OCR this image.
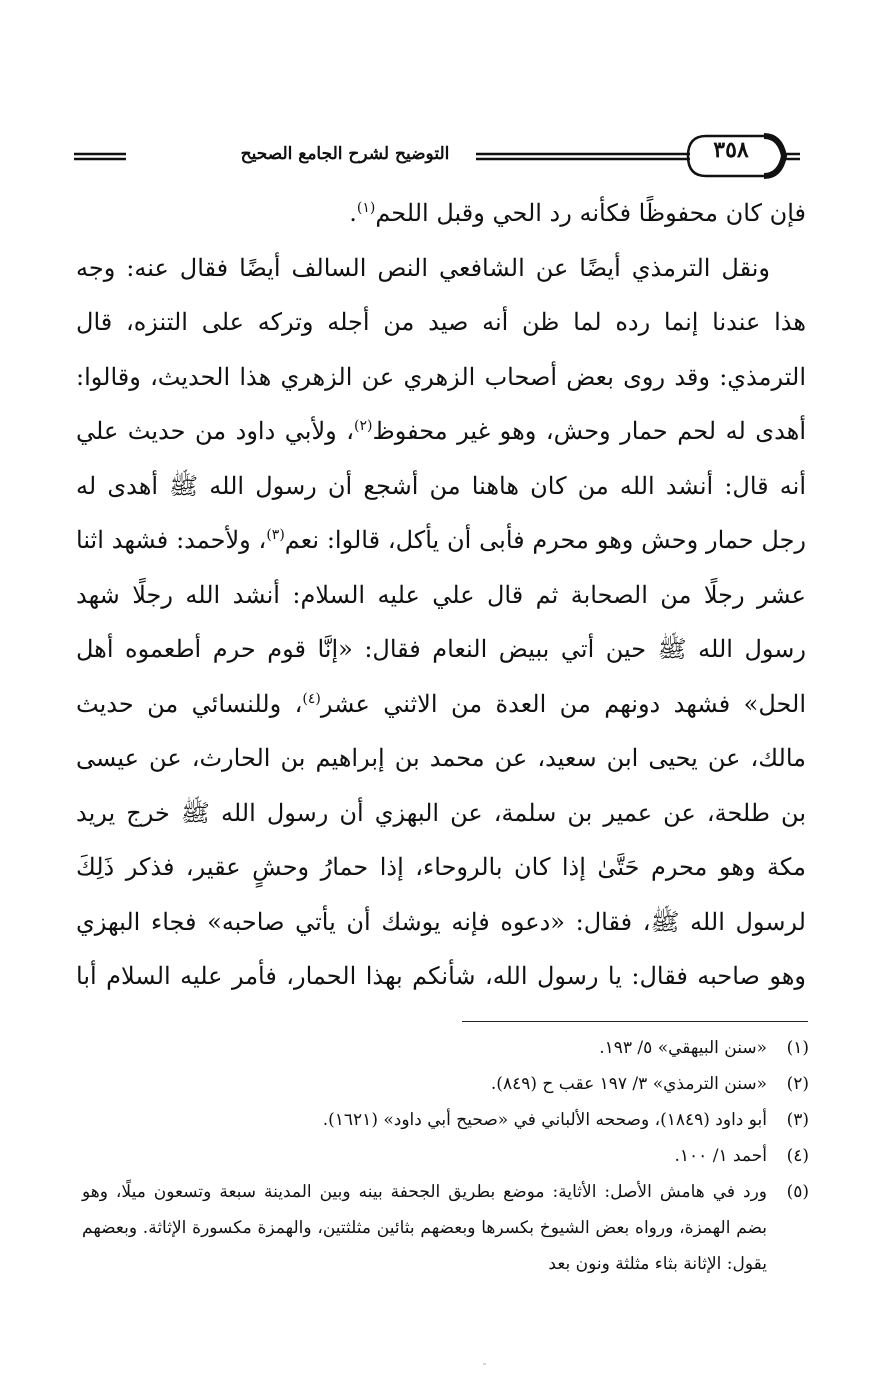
التوضيح لشرح الجامع الصحيح	٣٥٨

فإن كان محفوظًا فكأنه رد الحي وقبل اللحم$^{(١)}$.

ونقل الترمذي أيضًا عن الشافعي النص السالف أيضًا فقال عنه: وجه هذا عندنا إنما رده لما ظن أنه صيد من أجله وتركه على التنزه، قال الترمذي: وقد روى بعض أصحاب الزهري عن الزهري هذا الحديث، وقالوا: أهدى له لحم حمار وحش، وهو غير محفوظ$^{(٢)}$، ولأبي داود من حديث علي أنه قال: أنشد الله من كان هاهنا من أشجع أن رسول الله ﷺ أهدى له رجل حمار وحش وهو محرم فأبى أن يأكل، قالوا: نعم$^{(٣)}$، ولأحمد: فشهد اثنا عشر رجلًا من الصحابة ثم قال علي عليه السلام: أنشد الله رجلًا شهد رسول الله ﷺ حين أتي ببيض النعام فقال: «إنَّا قوم حرم أطعموه أهل الحل» فشهد دونهم من العدة من الاثني عشر$^{(٤)}$، وللنسائي من حديث مالك، عن يحيى ابن سعيد، عن محمد بن إبراهيم بن الحارث، عن عيسى بن طلحة، عن عمير بن سلمة، عن البهزي أن رسول الله ﷺ خرج يريد مكة وهو محرم حَتَّىٰ إذا كان بالروحاء، إذا حمارُ وحشٍ عقير، فذكر ذَلِكَ لرسول الله ﷺ، فقال: «دعوه فإنه يوشك أن يأتي صاحبه» فجاء البهزي وهو صاحبه فقال: يا رسول الله، شأنكم بهذا الحمار، فأمر عليه السلام أبا

(١)
«سنن البيهقي» ٥/ ١٩٣.
(٢)
«سنن الترمذي» ٣/ ١٩٧ عقب ح (٨٤٩).
(٣)
أبو داود (١٨٤٩)، وصححه الألباني في «صحيح أبي داود» (١٦٢١).
(٤)
أحمد ١/ ١٠٠.
(٥)
ورد في هامش الأصل: الأثاية: موضع بطريق الجحفة بينه وبين المدينة سبعة وتسعون ميلًا، وهو بضم الهمزة، ورواه بعض الشيوخ بكسرها وبعضهم بثائين مثلثتين، والهمزة مكسورة الإثاثة. وبعضهم يقول: الإثانة بثاء مثلثة ونون بعد
